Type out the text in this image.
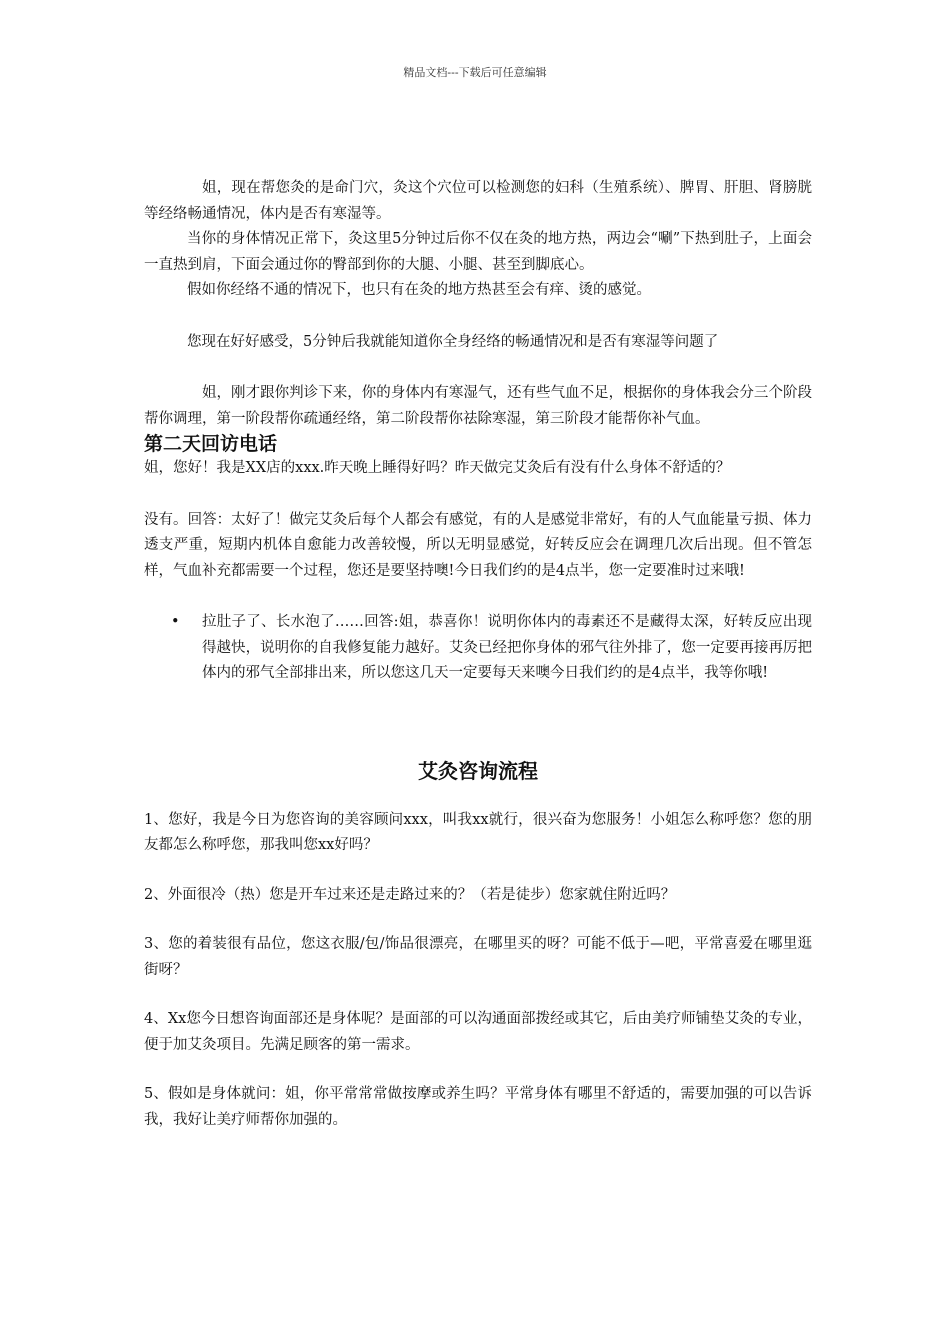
精品文档---下载后可任意编辑

姐，现在帮您灸的是命门穴，灸这个穴位可以检测您的妇科（生殖系统）、脾胃、肝胆、肾膀胱等经络畅通情况，体内是否有寒湿等。

当你的身体情况正常下，灸这里5分钟过后你不仅在灸的地方热，两边会“唰”下热到肚子，上面会一直热到肩，下面会通过你的臀部到你的大腿、小腿、甚至到脚底心。

假如你经络不通的情况下，也只有在灸的地方热甚至会有痒、烫的感觉。

您现在好好感受，5分钟后我就能知道你全身经络的畅通情况和是否有寒湿等问题了

姐，刚才跟你判诊下来，你的身体内有寒湿气，还有些气血不足，根据你的身体我会分三个阶段帮你调理，第一阶段帮你疏通经络，第二阶段帮你祛除寒湿，第三阶段才能帮你补气血。

第二天回访电话

姐，您好！我是XX店的xxx.昨天晚上睡得好吗？昨天做完艾灸后有没有什么身体不舒适的？

没有。回答：太好了！做完艾灸后每个人都会有感觉，有的人是感觉非常好，有的人气血能量亏损、体力透支严重，短期内机体自愈能力改善较慢，所以无明显感觉，好转反应会在调理几次后出现。但不管怎样，气血补充都需要一个过程，您还是要坚持噢!今日我们约的是4点半，您一定要准时过来哦!

• 拉肚子了、长水泡了……回答:姐，恭喜你！说明你体内的毒素还不是藏得太深，好转反应出现得越快，说明你的自我修复能力越好。艾灸已经把你身体的邪气往外排了，您一定要再接再厉把体内的邪气全部排出来，所以您这几天一定要每天来噢今日我们约的是4点半，我等你哦!
艾灸咨询流程

1、您好，我是今日为您咨询的美容顾问xxx，叫我xx就行，很兴奋为您服务！小姐怎么称呼您？您的朋友都怎么称呼您，那我叫您xx好吗？

2、外面很冷（热）您是开车过来还是走路过来的？（若是徒步）您家就住附近吗？

3、您的着装很有品位，您这衣服/包/饰品很漂亮，在哪里买的呀？可能不低于—吧，平常喜爱在哪里逛街呀？

4、Xx您今日想咨询面部还是身体呢？是面部的可以沟通面部拨经或其它，后由美疗师铺垫艾灸的专业，便于加艾灸项目。先满足顾客的第一需求。

5、假如是身体就问：姐，你平常常常做按摩或养生吗？平常身体有哪里不舒适的，需要加强的可以告诉我，我好让美疗师帮你加强的。
